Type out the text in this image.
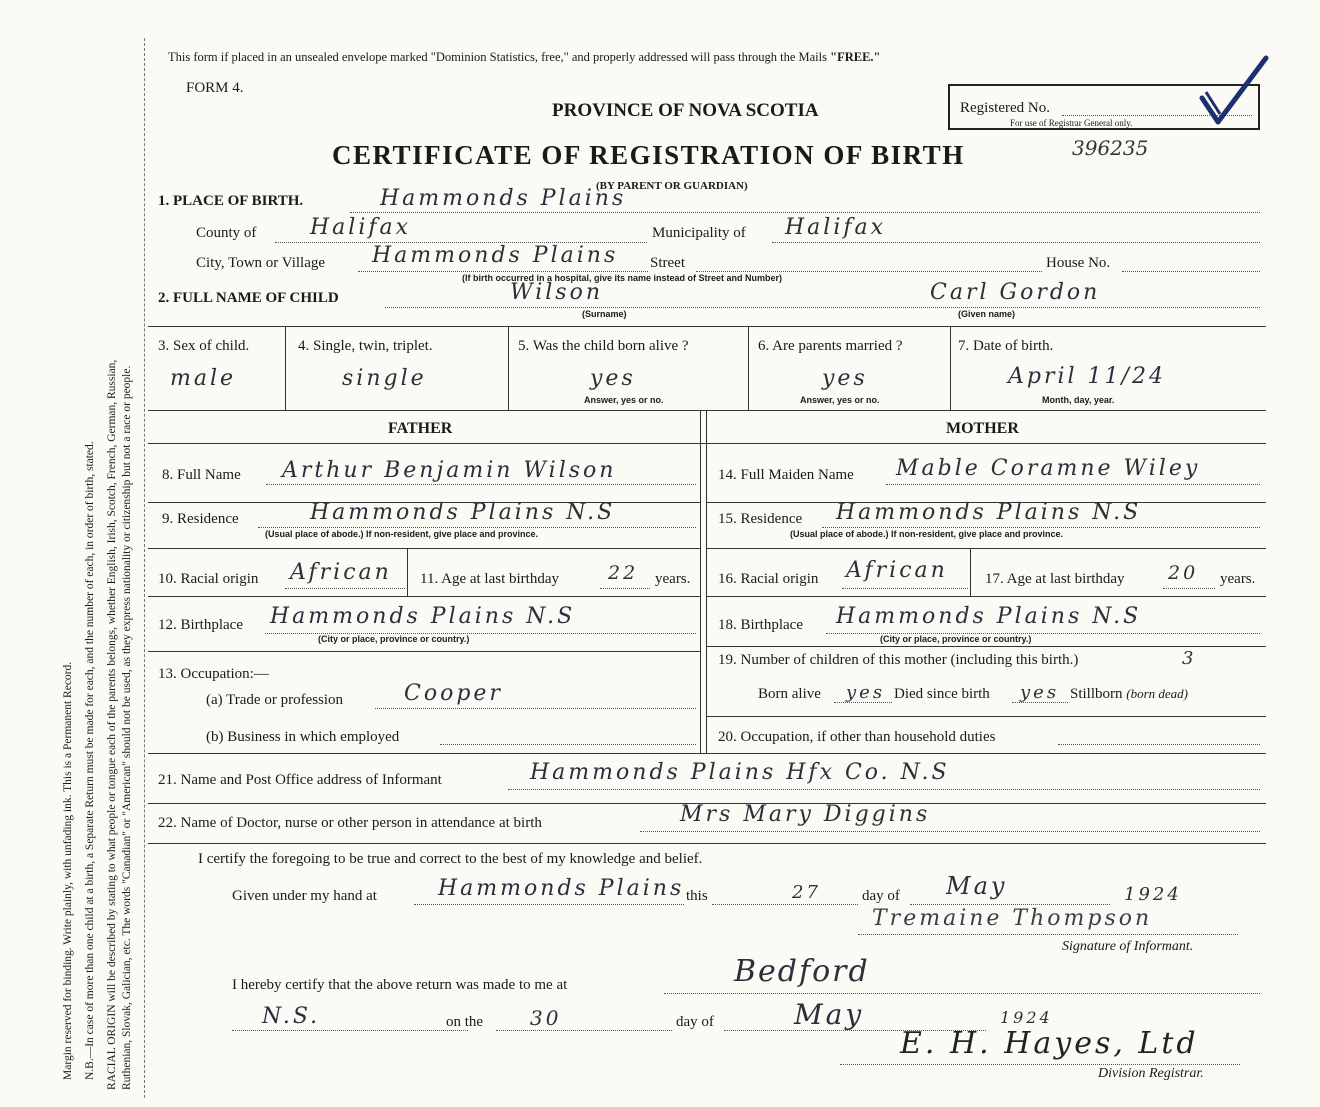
Margin reserved for binding. Write plainly, with unfading ink. This is a Permanent Record. N.B.—In case of more than one child at a birth, a Separate Return must be made for each, and the number of each, in order of birth, stated. RACIAL ORIGIN will be described by stating to what people or tongue each of the parents belongs, whether English, Irish, Scotch, French, German, Russian, Ruthenian, Slovak, Galician, etc. The words "Canadian" or "American" should not be used, as they express nationality or citizenship but not a race or people.
This form if placed in an unsealed envelope marked "Dominion Statistics, free," and properly addressed will pass through the Mails "FREE."
FORM 4.
PROVINCE OF NOVA SCOTIA	Registered No.
For use of Registrar General only.
CERTIFICATE OF REGISTRATION OF BIRTH	396235
(BY PARENT OR GUARDIAN)
1. PLACE OF BIRTH.	Hammonds Plains
County of Halifax	Municipality of Halifax
City, Town or Village Hammonds Plains Street	House No.
(If birth occurred in a hospital, give its name instead of Street and Number)
2. FULL NAME OF CHILD	Wilson
(Surname)
Carl Gordon
(Given name)
3. Sex of child.
male
4. Single, twin, triplet.
single
5. Was the child born alive ?
yes
Answer, yes or no.
6. Are parents married ?
yes
Answer, yes or no.
7. Date of birth.
April 11/24
Month, day, year.
FATHER	MOTHER
8. Full Name Arthur Benjamin Wilson
9. Residence	Hammonds Plains N.S
(Usual place of abode.) If non-resident, give place and province.
10. Racial origin African 11. Age at last birthday	22 years.
12. Birthplace Hammonds Plains N.S
(City or place, province or country.)
13. Occupation:—
(a) Trade or profession	Cooper
(b) Business in which employed
14. Full Maiden Name Mable Coramne Wiley
15. Residence Hammonds Plains N.S
(Usual place of abode.) If non-resident, give place and province.
16. Racial origin African 17. Age at last birthday 20 years.
18. Birthplace Hammonds Plains N.S
(City or place, province or country.)
19. Number of children of this mother (including this birth.)	3
Born alive yes Died since birth yes Stillborn (born dead)
20. Occupation, if other than household duties
21. Name and Post Office address of Informant	Hammonds Plains Hfx Co. N.S
22. Name of Doctor, nurse or other person in attendance at birth	Mrs Mary Diggins
I certify the foregoing to be true and correct to the best of my knowledge and belief.
Given under my hand at	Hammonds Plains this	27	day of May	1924
Tremaine Thompson
Signature of Informant.
I hereby certify that the above return was made to me at	Bedford
N.S.	on the 30	day of	May	1924
E. H. Hayes, Ltd
Division Registrar.
